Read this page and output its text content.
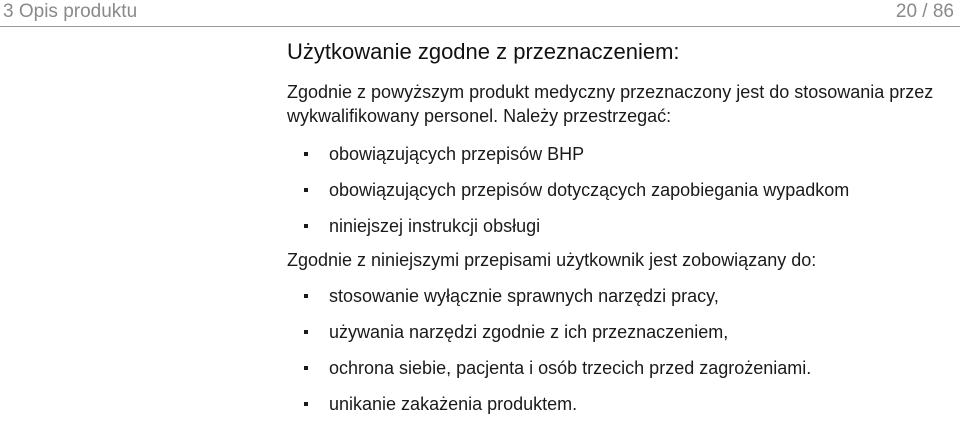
3 Opis produktu	20 / 86
Użytkowanie zgodne z przeznaczeniem:

Zgodnie z powyższym produkt medyczny przeznaczony jest do stosowania przez wykwalifikowany personel. Należy przestrzegać:

obowiązujących przepisów BHP
obowiązujących przepisów dotyczących zapobiegania wypadkom
niniejszej instrukcji obsługi

Zgodnie z niniejszymi przepisami użytkownik jest zobowiązany do:

stosowanie wyłącznie sprawnych narzędzi pracy,
używania narzędzi zgodnie z ich przeznaczeniem,
ochrona siebie, pacjenta i osób trzecich przed zagrożeniami.
unikanie zakażenia produktem.
